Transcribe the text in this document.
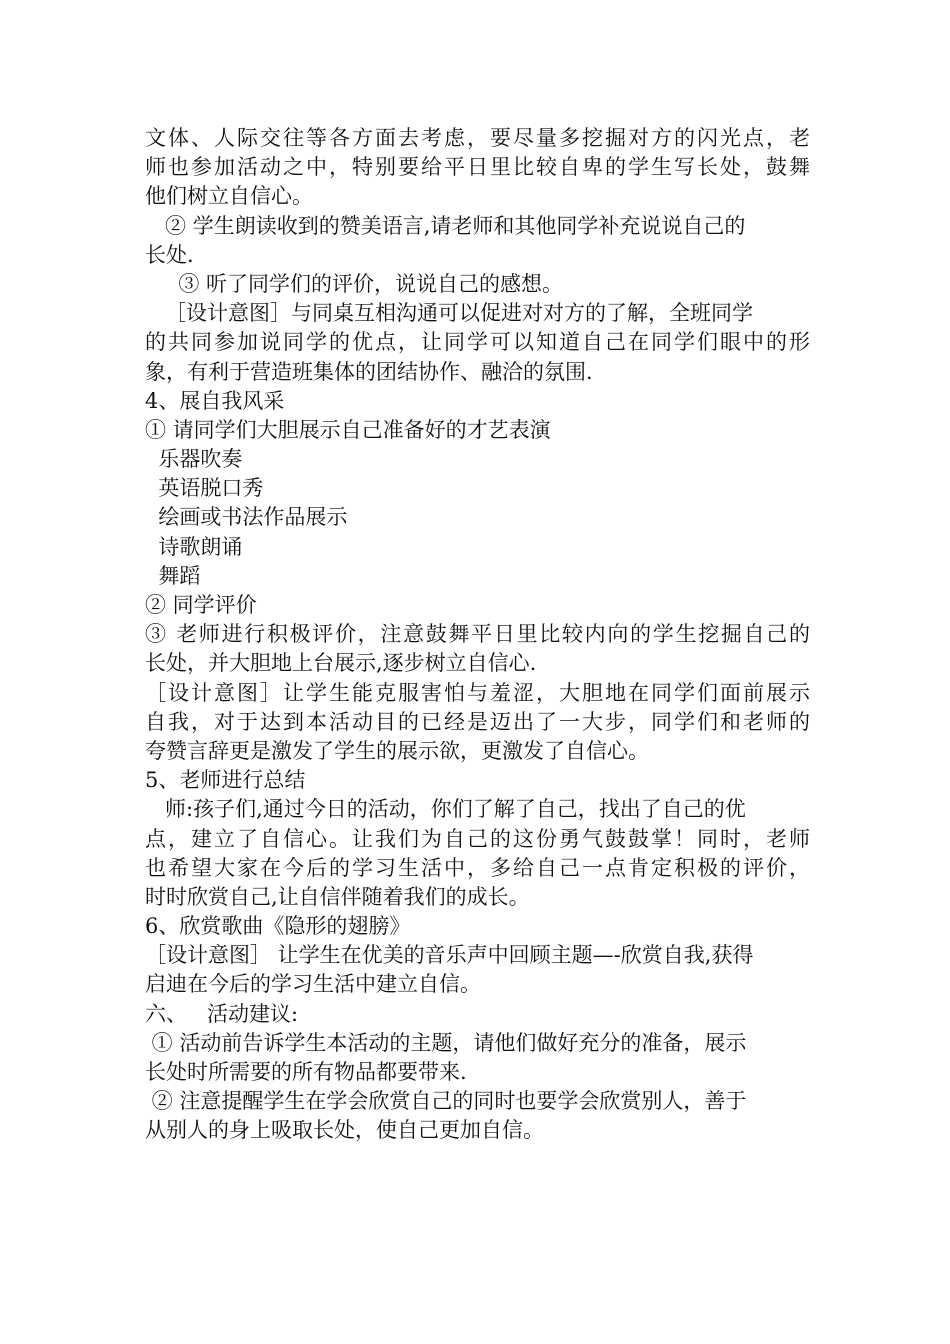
文体、人际交往等各方面去考虑，要尽量多挖掘对方的闪光点，老
师也参加活动之中，特别要给平日里比较自卑的学生写长处，鼓舞
他们树立自信心。
② 学生朗读收到的赞美语言,请老师和其他同学补充说说自己的
长处.
③ 听了同学们的评价，说说自己的感想。
［设计意图］与同桌互相沟通可以促进对对方的了解，全班同学
的共同参加说同学的优点，让同学可以知道自己在同学们眼中的形
象，有利于营造班集体的团结协作、融洽的氛围.
4、展自我风采
① 请同学们大胆展示自己准备好的才艺表演
乐器吹奏
英语脱口秀
绘画或书法作品展示
诗歌朗诵
舞蹈
② 同学评价
③ 老师进行积极评价，注意鼓舞平日里比较内向的学生挖掘自己的
长处，并大胆地上台展示,逐步树立自信心.
［设计意图］让学生能克服害怕与羞涩，大胆地在同学们面前展示
自我，对于达到本活动目的已经是迈出了一大步，同学们和老师的
夸赞言辞更是激发了学生的展示欲，更激发了自信心。
5、老师进行总结
师:孩子们,通过今日的活动，你们了解了自己，找出了自己的优
点，建立了自信心。让我们为自己的这份勇气鼓鼓掌！同时，老师
也希望大家在今后的学习生活中，多给自己一点肯定积极的评价，
时时欣赏自己,让自信伴随着我们的成长。
6、欣赏歌曲《隐形的翅膀》
［设计意图］ 让学生在优美的音乐声中回顾主题—-欣赏自我,获得
启迪在今后的学习生活中建立自信。
六、   活动建议:
① 活动前告诉学生本活动的主题，请他们做好充分的准备，展示
长处时所需要的所有物品都要带来.
② 注意提醒学生在学会欣赏自己的同时也要学会欣赏别人，善于
从别人的身上吸取长处，使自己更加自信。
